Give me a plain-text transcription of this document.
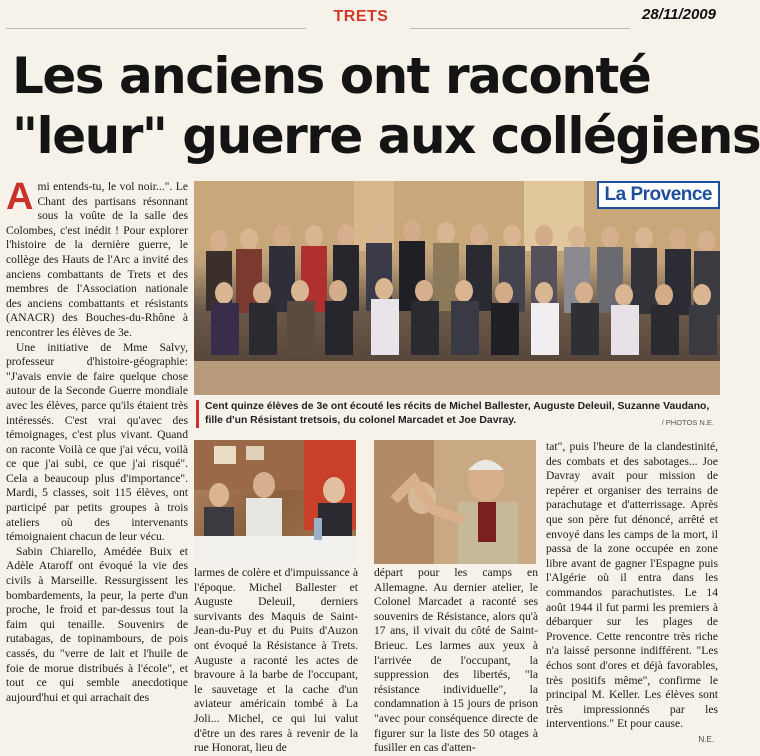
TRETS	28/11/2009
Les anciens ont raconté
"leur" guerre aux collégiens

Ami entends-tu, le vol noir...". Le Chant des partisans résonnant sous la voûte de la salle des Colombes, c'est inédit ! Pour explorer l'histoire de la dernière guerre, le collège des Hauts de l'Arc a invité des anciens combattants de Trets et des membres de l'Association nationale des anciens combattants et résistants (ANACR) des Bouches-du-Rhône à rencontrer les élèves de 3e.

Une initiative de Mme Salvy, professeur d'histoire-géographie: "J'avais envie de faire quelque chose autour de la Seconde Guerre mondiale avec les élèves, parce qu'ils étaient très intéressés. C'est vrai qu'avec des témoignages, c'est plus vivant. Quand on raconte Voilà ce que j'ai vécu, voilà ce que j'ai subi, ce que j'ai risqué". Cela a beaucoup plus d'importance". Mardi, 5 classes, soit 115 élèves, ont participé par petits groupes à trois ateliers où des intervenants témoignaient chacun de leur vécu.

Sabin Chiarello, Amédée Buix et Adèle Ataroff ont évoqué la vie des civils à Marseille. Ressurgissent les bombardements, la peur, la perte d'un proche, le froid et par-dessus tout la faim qui tenaille. Souvenirs de rutabagas, de topinambours, de pois cassés, du "verre de lait et l'huile de foie de morue distribués à l'école", et tout ce qui semble anecdotique aujourd'hui et qui arrachait des

La Provence
Cent quinze élèves de 3e ont écouté les récits de Michel Ballester, Auguste Deleuil, Suzanne Vaudano, fille d'un Résistant tretsois, du colonel Marcadet et Joe Davray.	/ PHOTOS N.E.

larmes de colère et d'impuissance à l'époque. Michel Ballester et Auguste Deleuil, derniers survivants des Maquis de Saint-Jean-du-Puy et du Puits d'Auzon ont évoqué la Résistance à Trets. Auguste a raconté les actes de bravoure à la barbe de l'occupant, le sauvetage et la cache d'un aviateur américain tombé à La Joli... Michel, ce qui lui valut d'être un des rares à revenir de la rue Honorat, lieu de

départ pour les camps en Allemagne. Au dernier atelier, le Colonel Marcadet a raconté ses souvenirs de Résistance, alors qu'à 17 ans, il vivait du côté de Saint-Brieuc. Les larmes aux yeux à l'arrivée de l'occupant, la suppression des libertés, "la résistance individuelle", la condamnation à 15 jours de prison "avec pour conséquence directe de figurer sur la liste des 50 otages à fusiller en cas d'atten-

tat", puis l'heure de la clandestinité, des combats et des sabotages... Joe Davray avait pour mission de repérer et organiser des terrains de parachutage et d'atterrissage. Après que son père fut dénoncé, arrêté et envoyé dans les camps de la mort, il passa de la zone occupée en zone libre avant de gagner l'Espagne puis l'Algérie où il entra dans les commandos parachutistes. Le 14 août 1944 il fut parmi les premiers à débarquer sur les plages de Provence. Cette rencontre très riche n'a laissé personne indifférent. "Les échos sont d'ores et déjà favorables, très positifs même", confirme le principal M. Keller. Les élèves sont très impressionnés par les interventions." Et pour cause.

N.E.
